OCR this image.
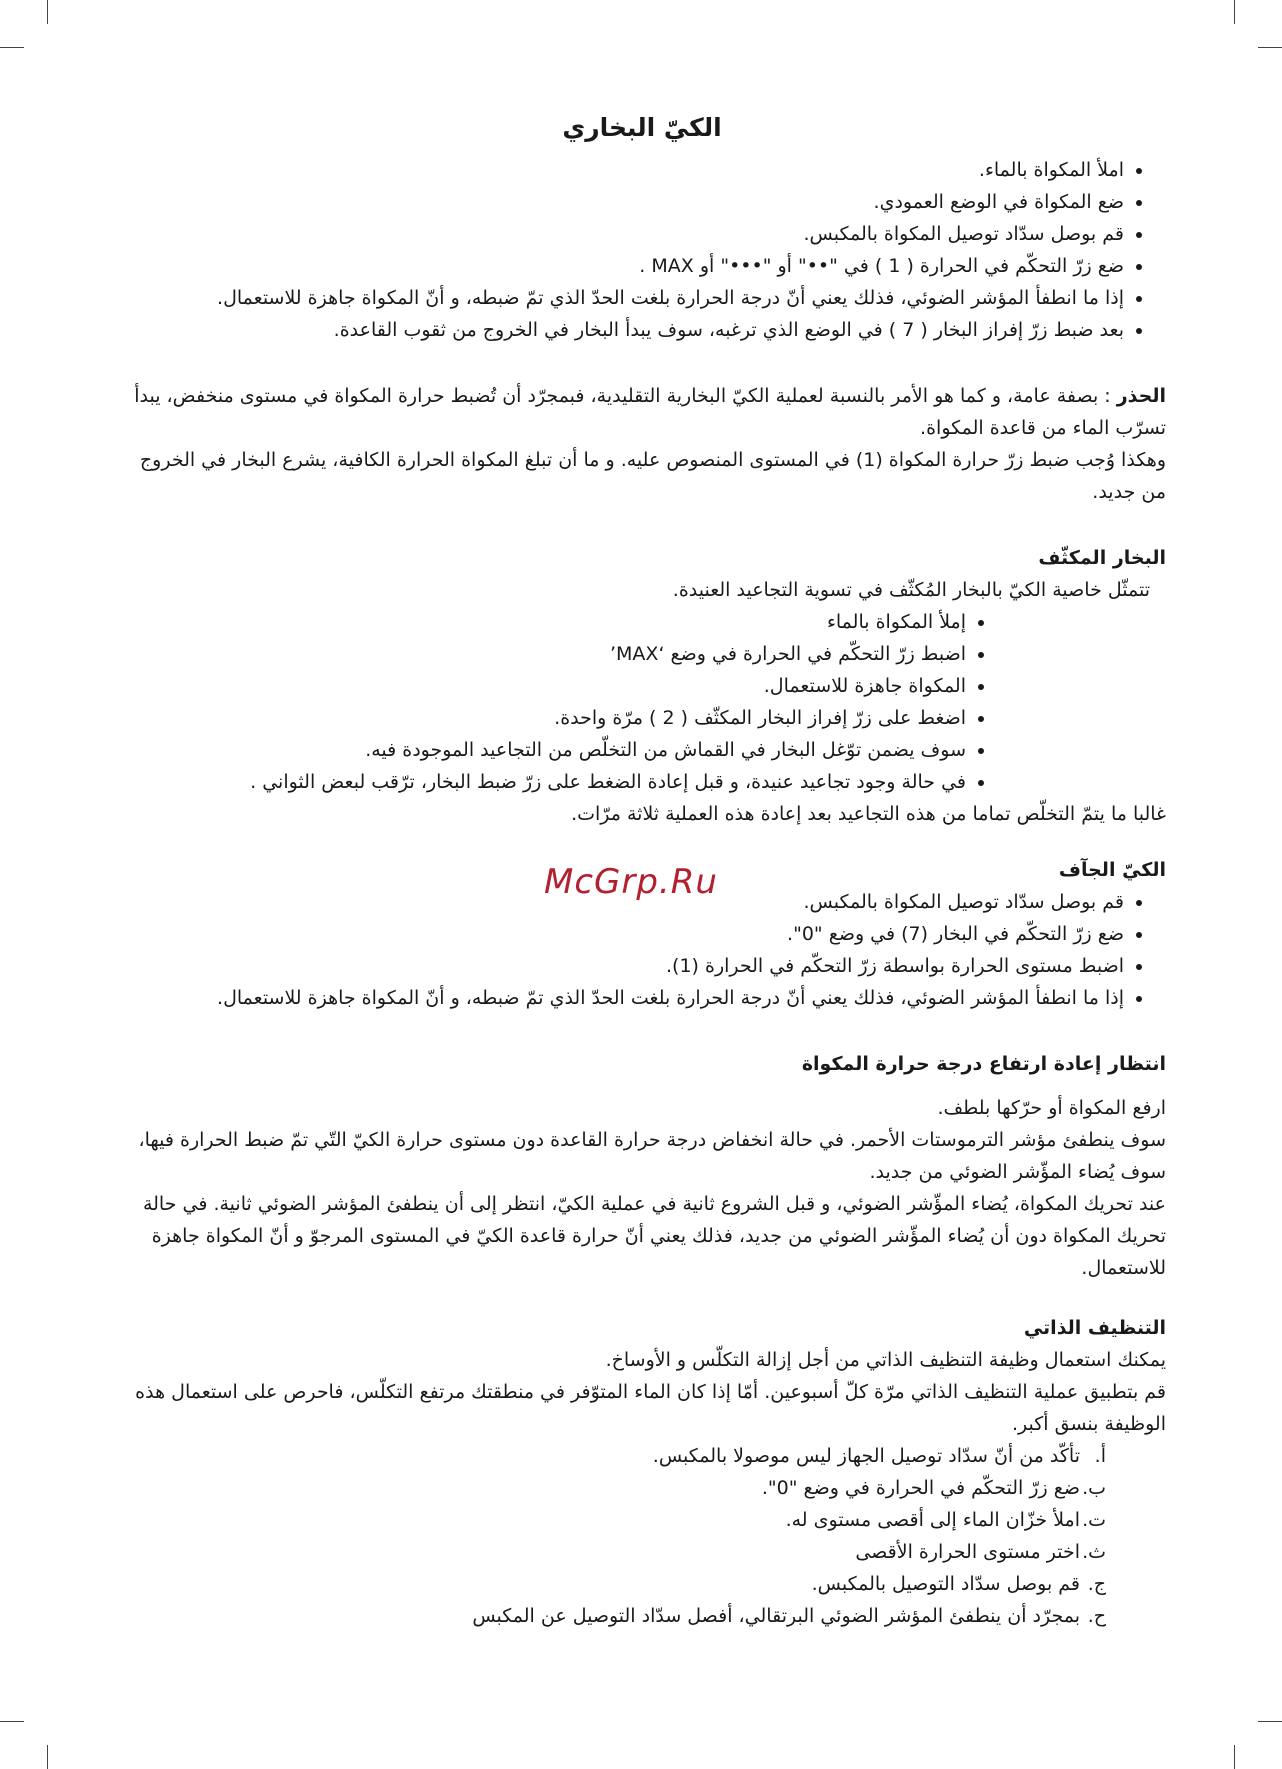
الكيّ البخاري
• املأ المكواة بالماء.
• ضع المكواة في الوضع العمودي.
• قم بوصل سدّاد توصيل المكواة بالمكبس.
• ضع زرّ التحكّم في الحرارة ( 1 ) في "••" أو "•••" أو MAX .
• إذا ما انطفأ المؤشر الضوئي، فذلك يعني أنّ درجة الحرارة بلغت الحدّ الذي تمّ ضبطه، و أنّ المكواة جاهزة للاستعمال.
• بعد ضبط زرّ إفراز البخار ( 7 ) في الوضع الذي ترغبه، سوف يبدأ البخار في الخروج من ثقوب القاعدة.

الحذر : بصفة عامة، و كما هو الأمر بالنسبة لعملية الكيّ البخارية التقليدية، فبمجرّد أن تُضبط حرارة المكواة في مستوى منخفض، يبدأ تسرّب الماء من قاعدة المكواة.

وهكذا وُجب ضبط زرّ حرارة المكواة (1) في المستوى المنصوص عليه. و ما أن تبلغ المكواة الحرارة الكافية، يشرع البخار في الخروج من جديد.

البخار المكثّف

تتمثّل خاصية الكيّ بالبخار المُكثّف في تسوية التجاعيد العنيدة.

• إملأ المكواة بالماء
• اضبط زرّ التحكّم في الحرارة في وضع ‘MAX’
• المكواة جاهزة للاستعمال.
• اضغط على زرّ إفراز البخار المكثّف ( 2 ) مرّة واحدة.
• سوف يضمن توّغل البخار في القماش من التخلّص من التجاعيد الموجودة فيه.
• في حالة وجود تجاعيد عنيدة، و قبل إعادة الضغط على زرّ ضبط البخار، ترّقب لبعض الثواني .

غالبا ما يتمّ التخلّص تماما من هذه التجاعيد بعد إعادة هذه العملية ثلاثة مرّات.

الكيّ الجآف
• قم بوصل سدّاد توصيل المكواة بالمكبس.
• ضع زرّ التحكّم في البخار (7) في وضع "0".
• اضبط مستوى الحرارة بواسطة زرّ التحكّم في الحرارة (1).
• إذا ما انطفأ المؤشر الضوئي، فذلك يعني أنّ درجة الحرارة بلغت الحدّ الذي تمّ ضبطه، و أنّ المكواة جاهزة للاستعمال.
انتظار إعادة ارتفاع درجة حرارة المكواة

ارفع المكواة أو حرّكها بلطف.

سوف ينطفئ مؤشر الترموستات الأحمر. في حالة انخفاض درجة حرارة القاعدة دون مستوى حرارة الكيّ التّي تمّ ضبط الحرارة فيها، سوف يُضاء المؤّشر الضوئي من جديد.

عند تحريك المكواة، يُضاء المؤّشر الضوئي، و قبل الشروع ثانية في عملية الكيّ، انتظر إلى أن ينطفئ المؤشر الضوئي ثانية. في حالة تحريك المكواة دون أن يُضاء المؤّشر الضوئي من جديد، فذلك يعني أنّ حرارة قاعدة الكيّ في المستوى المرجوّ و أنّ المكواة جاهزة للاستعمال.

التنظيف الذاتي

يمكنك استعمال وظيفة التنظيف الذاتي من أجل إزالة التكلّس و الأوساخ.

قم بتطبيق عملية التنظيف الذاتي مرّة كلّ أسبوعين. أمّا إذا كان الماء المتوّفر في منطقتك مرتفع التكلّس، فاحرص على استعمال هذه الوظيفة بنسق أكبر.

أ.تأكّد من أنّ سدّاد توصيل الجهاز ليس موصولا بالمكبس.
ب.ضع زرّ التحكّم في الحرارة في وضع "0".
ت.املأ خزّان الماء إلى أقصى مستوى له.
ث.اختر مستوى الحرارة الأقصى
ج.قم بوصل سدّاد التوصيل بالمكبس.
ح.بمجرّد أن ينطفئ المؤشر الضوئي البرتقالي، أفصل سدّاد التوصيل عن المكبس
McGrp.Ru
